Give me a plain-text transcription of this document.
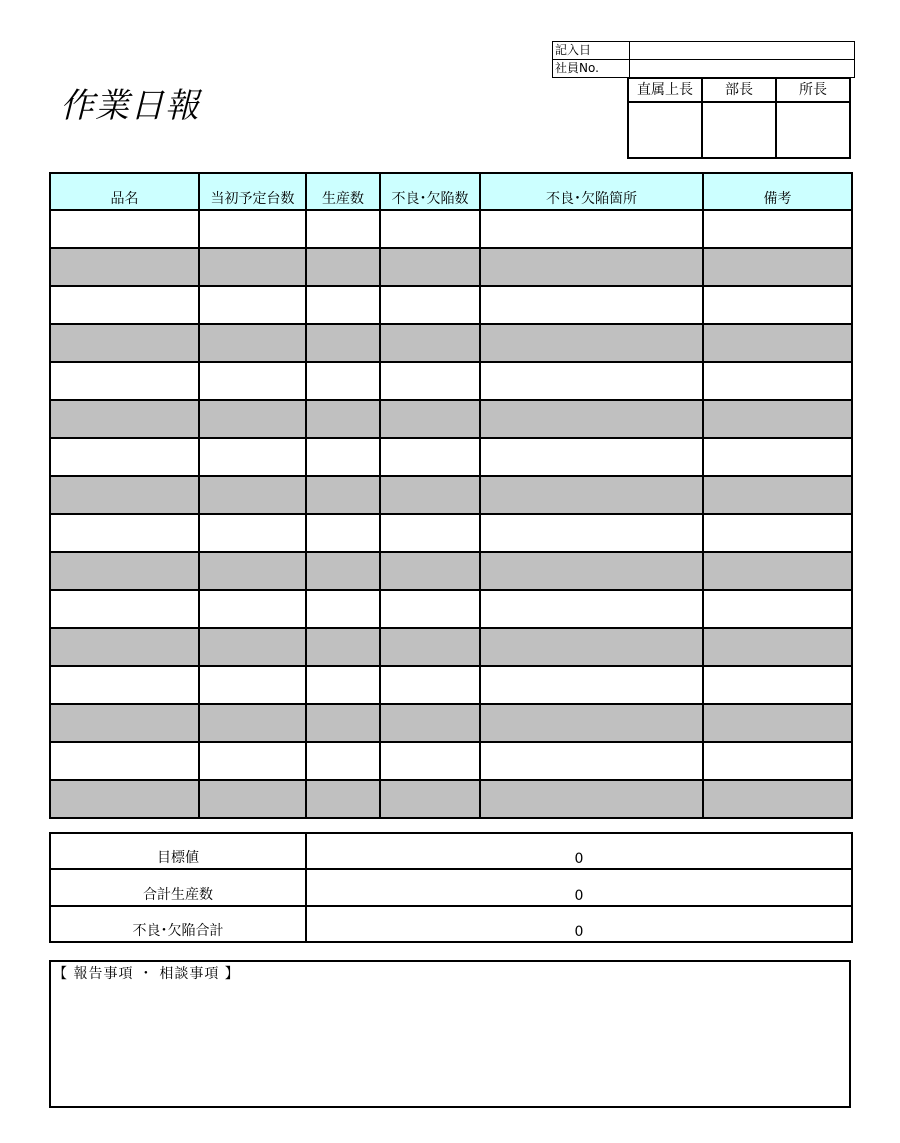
作業日報
記入日	
社員No.	
直属上長	部長	所長

品名	当初予定台数	生産数	不良･欠陥数	不良･欠陥箇所	備考

目標値	0
合計生産数	0
不良･欠陥合計	0
【 報告事項 ・ 相談事項 】
